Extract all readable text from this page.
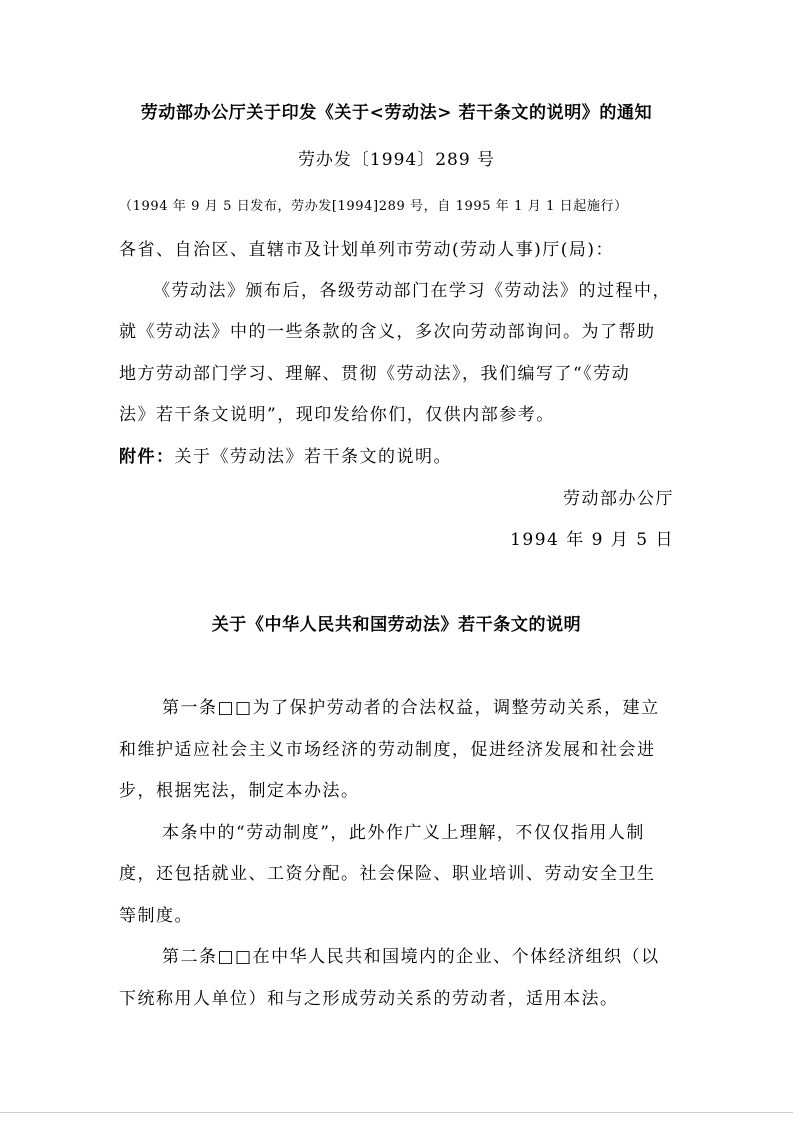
劳动部办公厅关于印发《关于<劳动法> 若干条文的说明》的通知
劳办发〔1994〕289 号
（1994 年 9 月 5 日发布，劳办发[1994]289 号，自 1995 年 1 月 1 日起施行）
各省、自治区、直辖市及计划单列市劳动(劳动人事)厅(局)：
《劳动法》颁布后，各级劳动部门在学习《劳动法》的过程中，
就《劳动法》中的一些条款的含义，多次向劳动部询问。为了帮助
地方劳动部门学习、理解、贯彻《劳动法》，我们编写了“《劳动
法》若干条文说明”，现印发给你们，仅供内部参考。
附件：关于《劳动法》若干条文的说明。
劳动部办公厅
1994 年 9 月 5 日
关于《中华人民共和国劳动法》若干条文的说明
第一条□□为了保护劳动者的合法权益，调整劳动关系，建立
和维护适应社会主义市场经济的劳动制度，促进经济发展和社会进
步，根据宪法，制定本办法。
本条中的“劳动制度”，此外作广义上理解，不仅仅指用人制
度，还包括就业、工资分配。社会保险、职业培训、劳动安全卫生
等制度。
第二条□□在中华人民共和国境内的企业、个体经济组织（以
下统称用人单位）和与之形成劳动关系的劳动者，适用本法。
